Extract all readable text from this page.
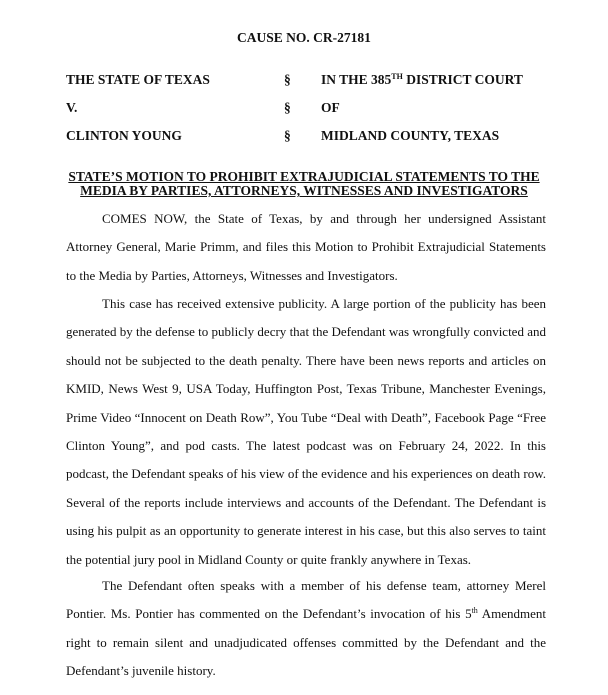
CAUSE NO. CR-27181
THE STATE OF TEXAS	§ IN THE 385TH DISTRICT COURT
V.	§ OF
CLINTON YOUNG	§ MIDLAND COUNTY, TEXAS
STATE’S MOTION TO PROHIBIT EXTRAJUDICIAL STATEMENTS TO THE
MEDIA BY PARTIES, ATTORNEYS, WITNESSES AND INVESTIGATORS

COMES NOW, the State of Texas, by and through her undersigned Assistant Attorney General, Marie Primm, and files this Motion to Prohibit Extrajudicial Statements to the Media by Parties, Attorneys, Witnesses and Investigators.

This case has received extensive publicity. A large portion of the publicity has been generated by the defense to publicly decry that the Defendant was wrongfully convicted and should not be subjected to the death penalty. There have been news reports and articles on KMID, News West 9, USA Today, Huffington Post, Texas Tribune, Manchester Evenings, Prime Video “Innocent on Death Row”, You Tube “Deal with Death”, Facebook Page “Free Clinton Young”, and pod casts. The latest podcast was on February 24, 2022. In this podcast, the Defendant speaks of his view of the evidence and his experiences on death row. Several of the reports include interviews and accounts of the Defendant. The Defendant is using his pulpit as an opportunity to generate interest in his case, but this also serves to taint the potential jury pool in Midland County or quite frankly anywhere in Texas.

The Defendant often speaks with a member of his defense team, attorney Merel Pontier. Ms. Pontier has commented on the Defendant’s invocation of his 5th Amendment right to remain silent and unadjudicated offenses committed by the Defendant and the Defendant’s juvenile history.
